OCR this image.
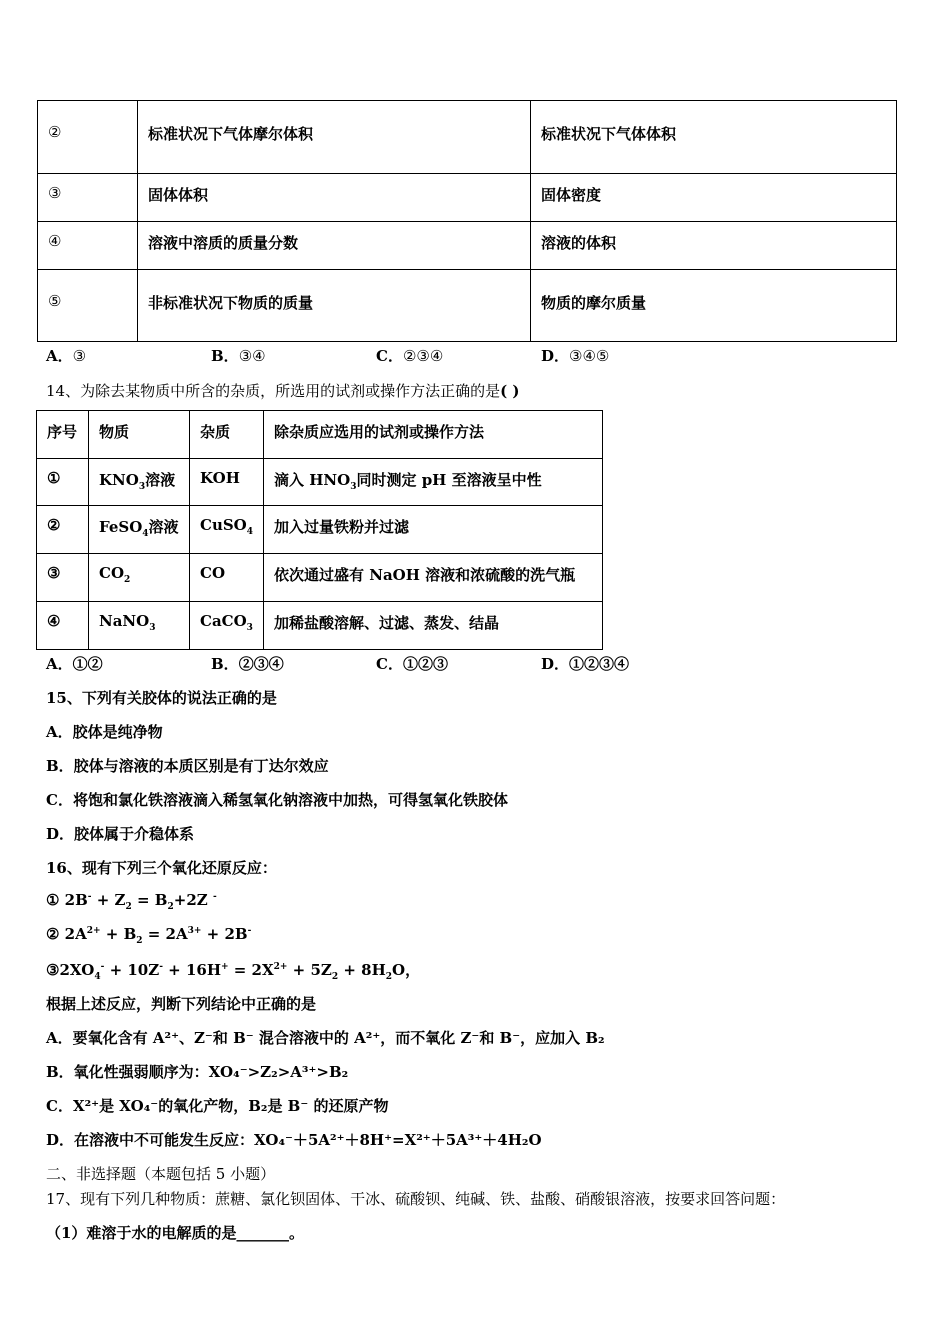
②	标准状况下气体摩尔体积	标准状况下气体体积
③	固体体积	固体密度
④	溶液中溶质的质量分数	溶液的体积
⑤	非标准状况下物质的质量	物质的摩尔质量
A．③	B．③④	C．②③④	D．③④⑤
14、为除去某物质中所含的杂质，所选用的试剂或操作方法正确的是( )
序号	物质	杂质	除杂质应选用的试剂或操作方法
①	$KNO_3$溶液	KOH	滴入 $HNO_3$同时测定 pH 至溶液呈中性
②	FeSO$_4$溶液	CuSO$_4$	加入过量铁粉并过滤
③	$CO_2$	CO	依次通过盛有 NaOH 溶液和浓硫酸的洗气瓶
④	NaNO$_3$	CaCO$_3$	加稀盐酸溶解、过滤、蒸发、结晶
A．①②	B．②③④	C．①②③	D．①②③④
15、下列有关胶体的说法正确的是
A．胶体是纯净物
B．胶体与溶液的本质区别是有丁达尔效应
C．将饱和氯化铁溶液滴入稀氢氧化钠溶液中加热，可得氢氧化铁胶体
D．胶体属于介稳体系
16、现有下列三个氧化还原反应：
① $2B^- + Z_2 = B_2+2Z$ -
② $2A^{2+} + B_2 = 2A^{3+} + 2B^-$
$③2XO_4^- + 10Z^- + 16H^+ = 2X^{2+} + 5Z_2 + 8H_2O$，
根据上述反应，判断下列结论中正确的是
A．要氧化含有 A²⁺、Z⁻和 B⁻ 混合溶液中的 A²⁺，而不氧化 Z⁻和 B⁻，应加入 B₂
B．氧化性强弱顺序为：XO₄⁻>Z₂>A³⁺>B₂
C．X²⁺是 XO₄⁻的氧化产物，B₂是 B⁻ 的还原产物
D．在溶液中不可能发生反应：XO₄⁻＋5A²⁺＋8H⁺=X²⁺＋5A³⁺＋4H₂O
二、非选择题（本题包括 5 小题）
17、现有下列几种物质：蔗糖、氯化钡固体、干冰、硫酸钡、纯碱、铁、盐酸、硝酸银溶液，按要求回答问题：
（1）难溶于水的电解质的是_______。
